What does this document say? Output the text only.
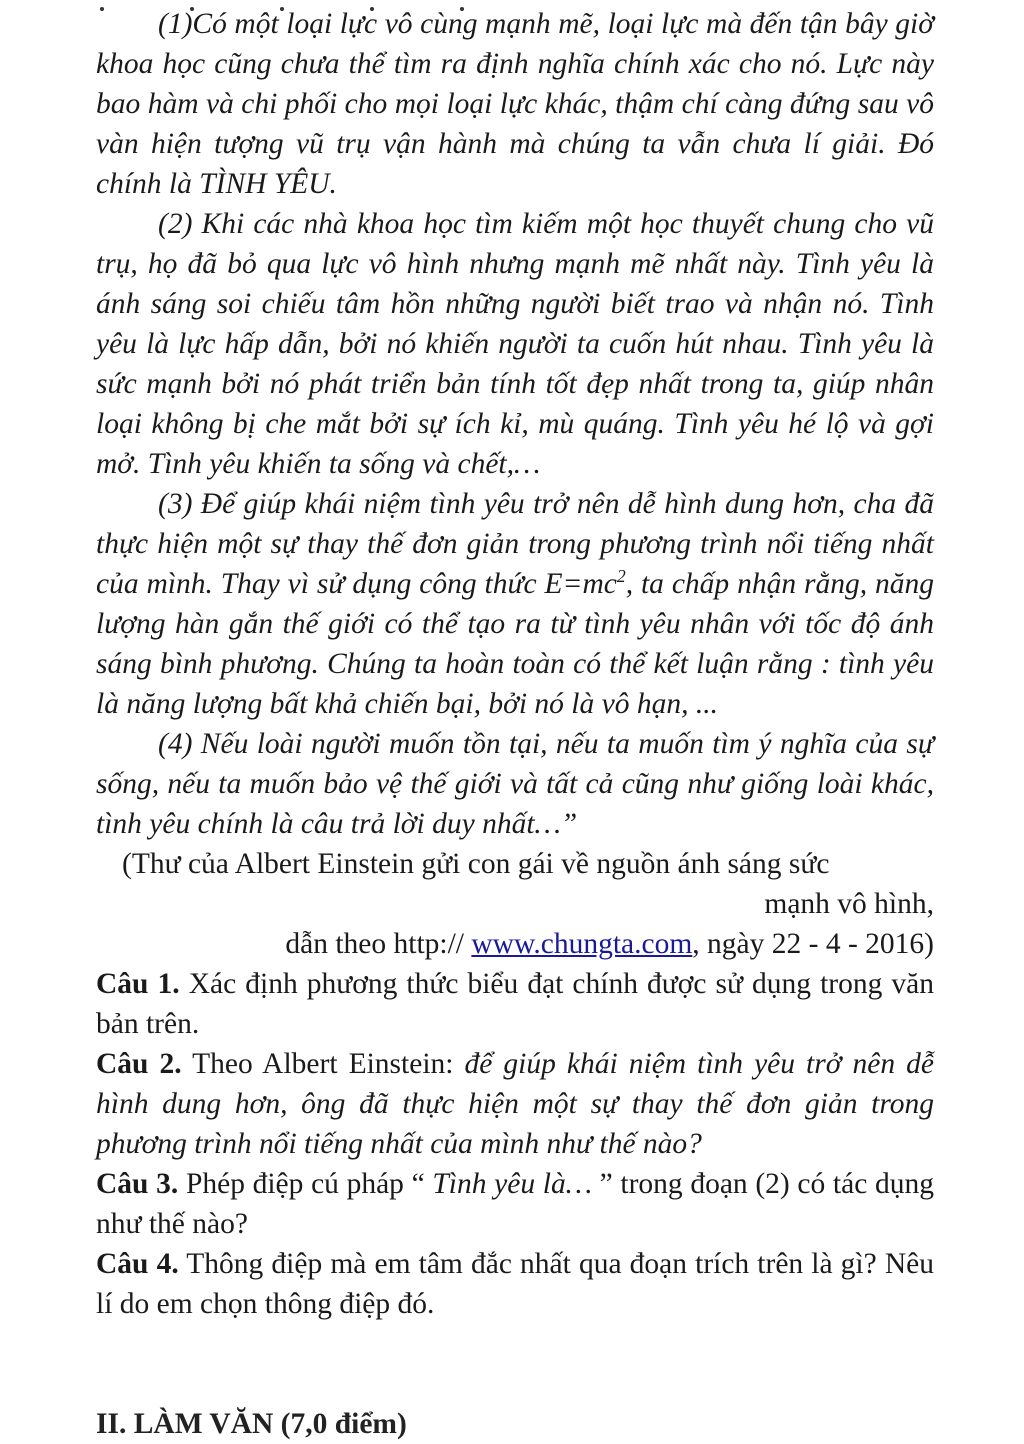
(1)Có một loại lực vô cùng mạnh mẽ, loại lực mà đến tận bây giờ khoa học cũng chưa thể tìm ra định nghĩa chính xác cho nó. Lực này bao hàm và chi phối cho mọi loại lực khác, thậm chí càng đứng sau vô vàn hiện tượng vũ trụ vận hành mà chúng ta vẫn chưa lí giải. Đó chính là TÌNH YÊU.

(2) Khi các nhà khoa học tìm kiếm một học thuyết chung cho vũ trụ, họ đã bỏ qua lực vô hình nhưng mạnh mẽ nhất này. Tình yêu là ánh sáng soi chiếu tâm hồn những người biết trao và nhận nó. Tình yêu là lực hấp dẫn, bởi nó khiến người ta cuốn hút nhau. Tình yêu là sức mạnh bởi nó phát triển bản tính tốt đẹp nhất trong ta, giúp nhân loại không bị che mắt bởi sự ích kỉ, mù quáng. Tình yêu hé lộ và gợi mở. Tình yêu khiến ta sống và chết,…

(3) Để giúp khái niệm tình yêu trở nên dễ hình dung hơn, cha đã thực hiện một sự thay thế đơn giản trong phương trình nổi tiếng nhất của mình. Thay vì sử dụng công thức $E=mc^2$, ta chấp nhận rằng, năng lượng hàn gắn thế giới có thể tạo ra từ tình yêu nhân với tốc độ ánh sáng bình phương. Chúng ta hoàn toàn có thể kết luận rằng : tình yêu là năng lượng bất khả chiến bại, bởi nó là vô hạn, ...

(4) Nếu loài người muốn tồn tại, nếu ta muốn tìm ý nghĩa của sự sống, nếu ta muốn bảo vệ thế giới và tất cả cũng như giống loài khác, tình yêu chính là câu trả lời duy nhất…”

(Thư của Albert Einstein gửi con gái về nguồn ánh sáng sức
mạnh vô hình,
dẫn theo http:// www.chungta.com, ngày 22 - 4 - 2016)

Câu 1. Xác định phương thức biểu đạt chính được sử dụng trong văn bản trên.

Câu 2. Theo Albert Einstein: để giúp khái niệm tình yêu trở nên dễ hình dung hơn, ông đã thực hiện một sự thay thế đơn giản trong phương trình nổi tiếng nhất của mình như thế nào?

Câu 3. Phép điệp cú pháp “ Tình yêu là… ” trong đoạn (2) có tác dụng như thế nào?

Câu 4. Thông điệp mà em tâm đắc nhất qua đoạn trích trên là gì? Nêu lí do em chọn thông điệp đó.

II. LÀM VĂN (7,0 điểm)
